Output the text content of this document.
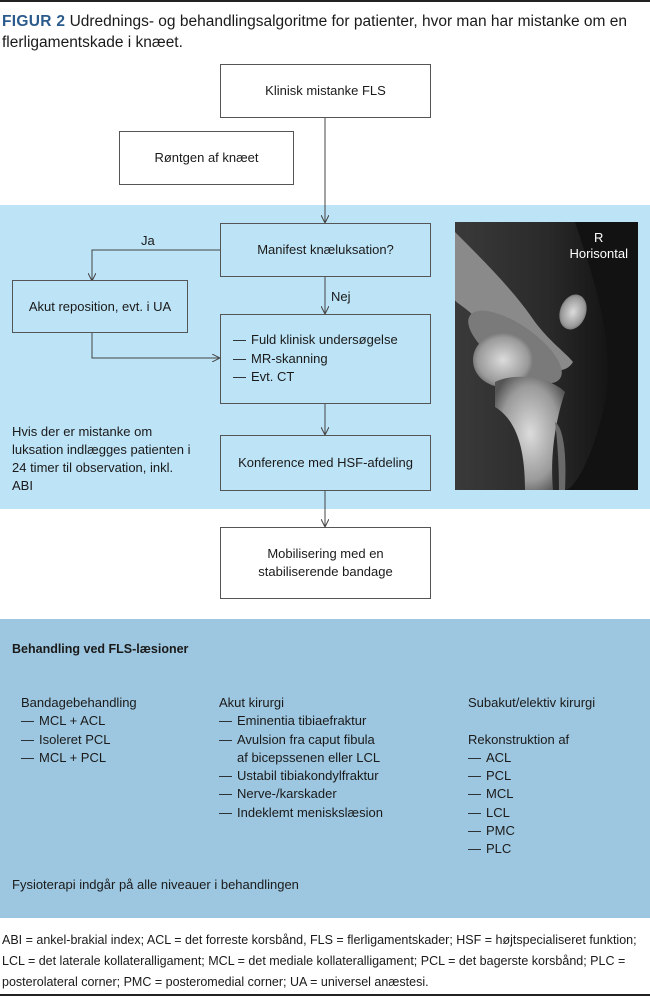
FIGUR 2 Udrednings- og behandlingsalgoritme for patienter, hvor man har mistanke om en flerligamentskade i knæet.
Klinisk mistanke FLS
Røntgen af knæet
Manifest knæluksation?
Ja
Nej
Akut reposition, evt. i UA
— Fuld klinisk undersøgelse
— MR-skanning
— Evt. CT
Hvis der er mistanke om luksation indlægges patienten i 24 timer til observation, inkl. ABI
Konference med HSF-afdeling
Mobilisering med en stabiliserende bandage
R
Horisontal
Behandling ved FLS-læsioner
Bandagebehandling
— MCL + ACL
— Isoleret PCL
— MCL + PCL
Akut kirurgi
— Eminentia tibiaefraktur
— Avulsion fra caput fibula
af bicepssenen eller LCL
— Ustabil tibiakondylfraktur
— Nerve-/karskader
— Indeklemt meniskslæsion
Subakut/elektiv kirurgi
Rekonstruktion af
— ACL
— PCL
— MCL
— LCL
— PMC
— PLC
Fysioterapi indgår på alle niveauer i behandlingen
ABI = ankel-brakial index; ACL = det forreste korsbånd, FLS = flerligamentskader; HSF = højtspecialiseret funktion; LCL = det laterale kollateralligament; MCL = det mediale kollateralligament; PCL = det bagerste korsbånd; PLC = posterolateral corner; PMC = posteromedial corner; UA = universel anæstesi.
